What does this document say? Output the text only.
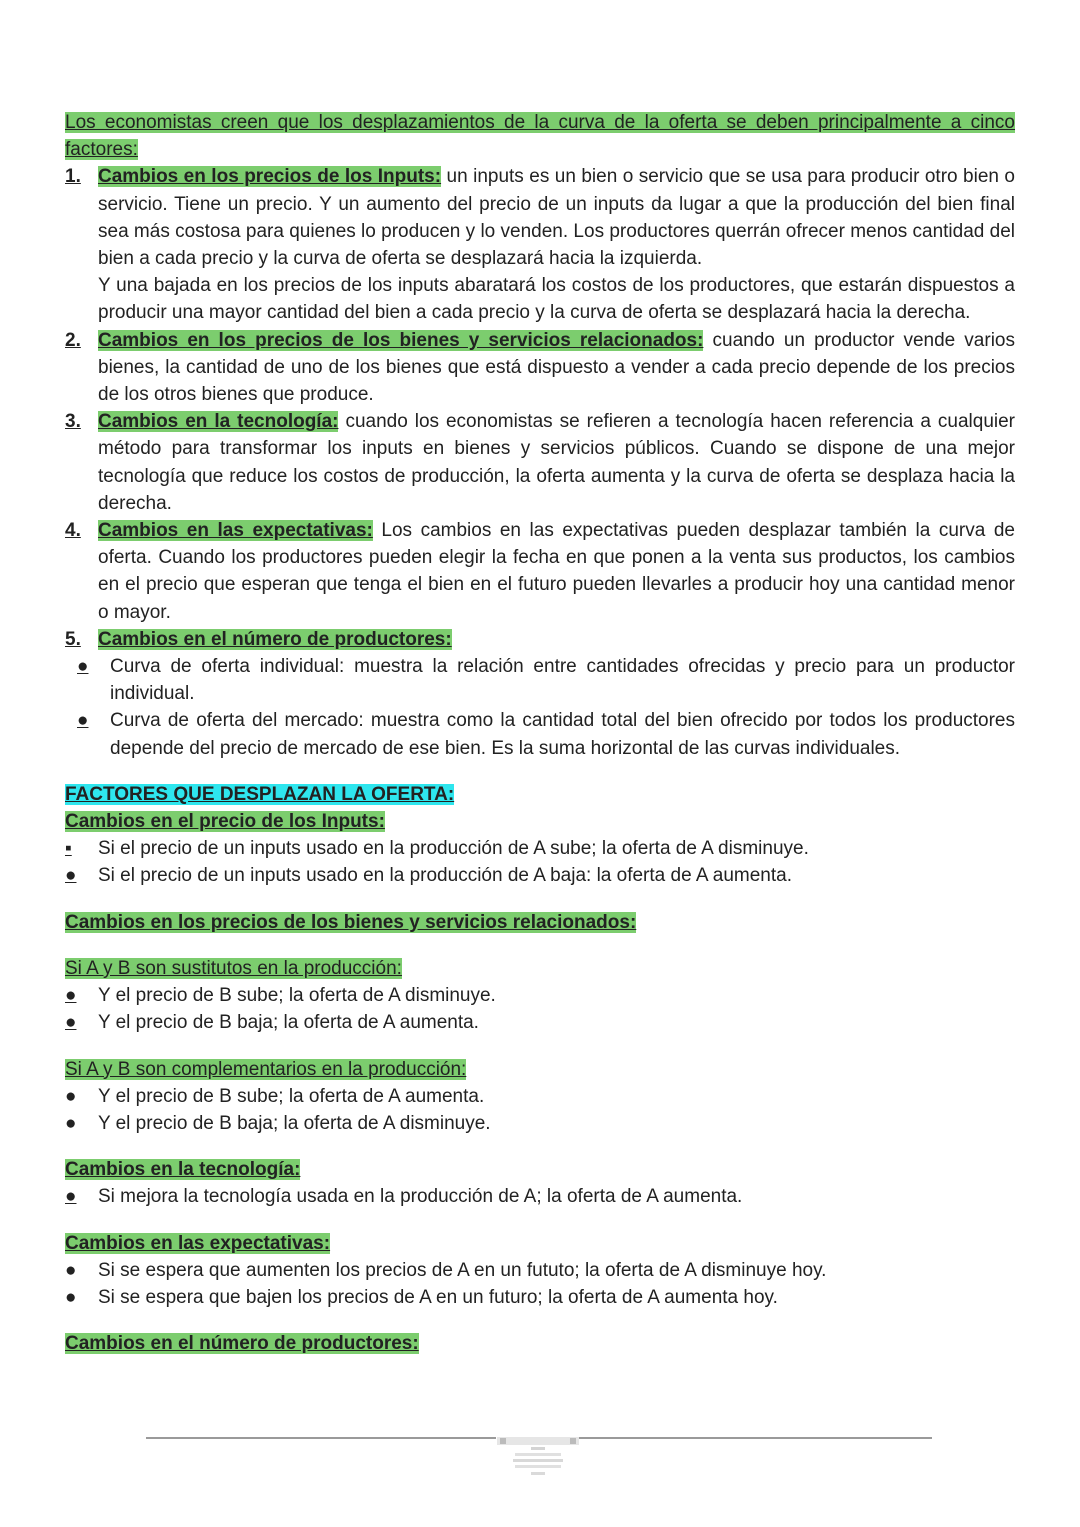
Los economistas creen que los desplazamientos de la curva de la oferta se deben principalmente a cinco factores:

1. Cambios en los precios de los Inputs: un inputs es un bien o servicio que se usa para producir otro bien o servicio. Tiene un precio. Y un aumento del precio de un inputs da lugar a que la producción del bien final sea más costosa para quienes lo producen y lo venden. Los productores querrán ofrecer menos cantidad del bien a cada precio y la curva de oferta se desplazará hacia la izquierda.

Y una bajada en los precios de los inputs abaratará los costos de los productores, que estarán dispuestos a producir una mayor cantidad del bien a cada precio y la curva de oferta se desplazará hacia la derecha.

2. Cambios en los precios de los bienes y servicios relacionados: cuando un productor vende varios bienes, la cantidad de uno de los bienes que está dispuesto a vender a cada precio depende de los precios de los otros bienes que produce.

3. Cambios en la tecnología: cuando los economistas se refieren a tecnología hacen referencia a cualquier método para transformar los inputs en bienes y servicios públicos. Cuando se dispone de una mejor tecnología que reduce los costos de producción, la oferta aumenta y la curva de oferta se desplaza hacia la derecha.

4. Cambios en las expectativas: Los cambios en las expectativas pueden desplazar también la curva de oferta. Cuando los productores pueden elegir la fecha en que ponen a la venta sus productos, los cambios en el precio que esperan que tenga el bien en el futuro pueden llevarles a producir hoy una cantidad menor o mayor.

5. Cambios en el número de productores:

● Curva de oferta individual: muestra la relación entre cantidades ofrecidas y precio para un productor individual.
● Curva de oferta del mercado: muestra como la cantidad total del bien ofrecido por todos los productores depende del precio de mercado de ese bien. Es la suma horizontal de las curvas individuales.

FACTORES QUE DESPLAZAN LA OFERTA:

Cambios en el precio de los Inputs:

▪ Si el precio de un inputs usado en la producción de A sube; la oferta de A disminuye.
● Si el precio de un inputs usado en la producción de A baja: la oferta de A aumenta.

Cambios en los precios de los bienes y servicios relacionados:

Si A y B son sustitutos en la producción:

● Y el precio de B sube; la oferta de A disminuye.
● Y el precio de B baja; la oferta de A aumenta.

Si A y B son complementarios en la producción:

● Y el precio de B sube; la oferta de A aumenta.
● Y el precio de B baja; la oferta de A disminuye.

Cambios en la tecnología:

● Si mejora la tecnología usada en la producción de A; la oferta de A aumenta.

Cambios en las expectativas:

● Si se espera que aumenten los precios de A en un fututo; la oferta de A disminuye hoy.
● Si se espera que bajen los precios de A en un futuro; la oferta de A aumenta hoy.

Cambios en el número de productores:
